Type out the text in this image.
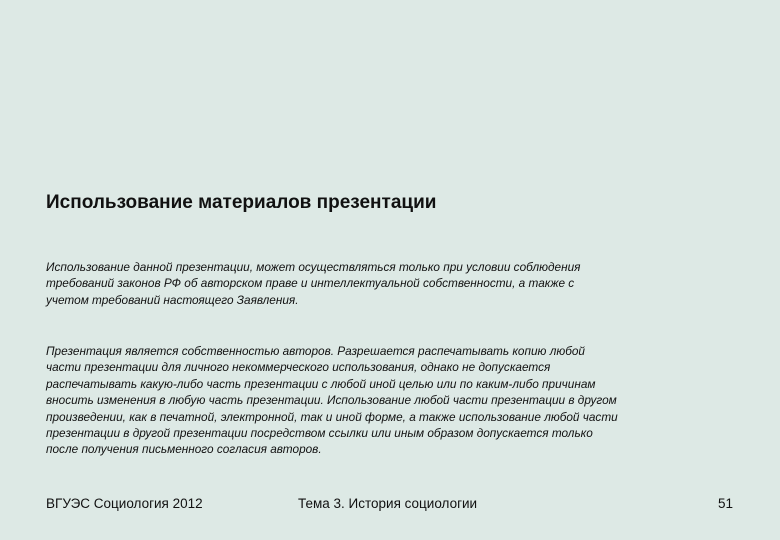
Использование материалов презентации

Использование данной презентации, может осуществляться только при условии соблюдения
требований законов РФ об авторском праве и интеллектуальной собственности, а также с
учетом требований настоящего Заявления.

Презентация является собственностью авторов. Разрешается распечатывать копию любой
части презентации для личного некоммерческого использования, однако не допускается
распечатывать какую-либо часть презентации с любой иной целью или по каким-либо причинам
вносить изменения в любую часть презентации. Использование любой части презентации в другом
произведении, как в печатной, электронной, так и иной форме, а также использование любой части
презентации в другой презентации посредством ссылки или иным образом допускается только
после получения письменного согласия авторов.

ВГУЭС Социология 2012	Тема 3. История социологии	51
